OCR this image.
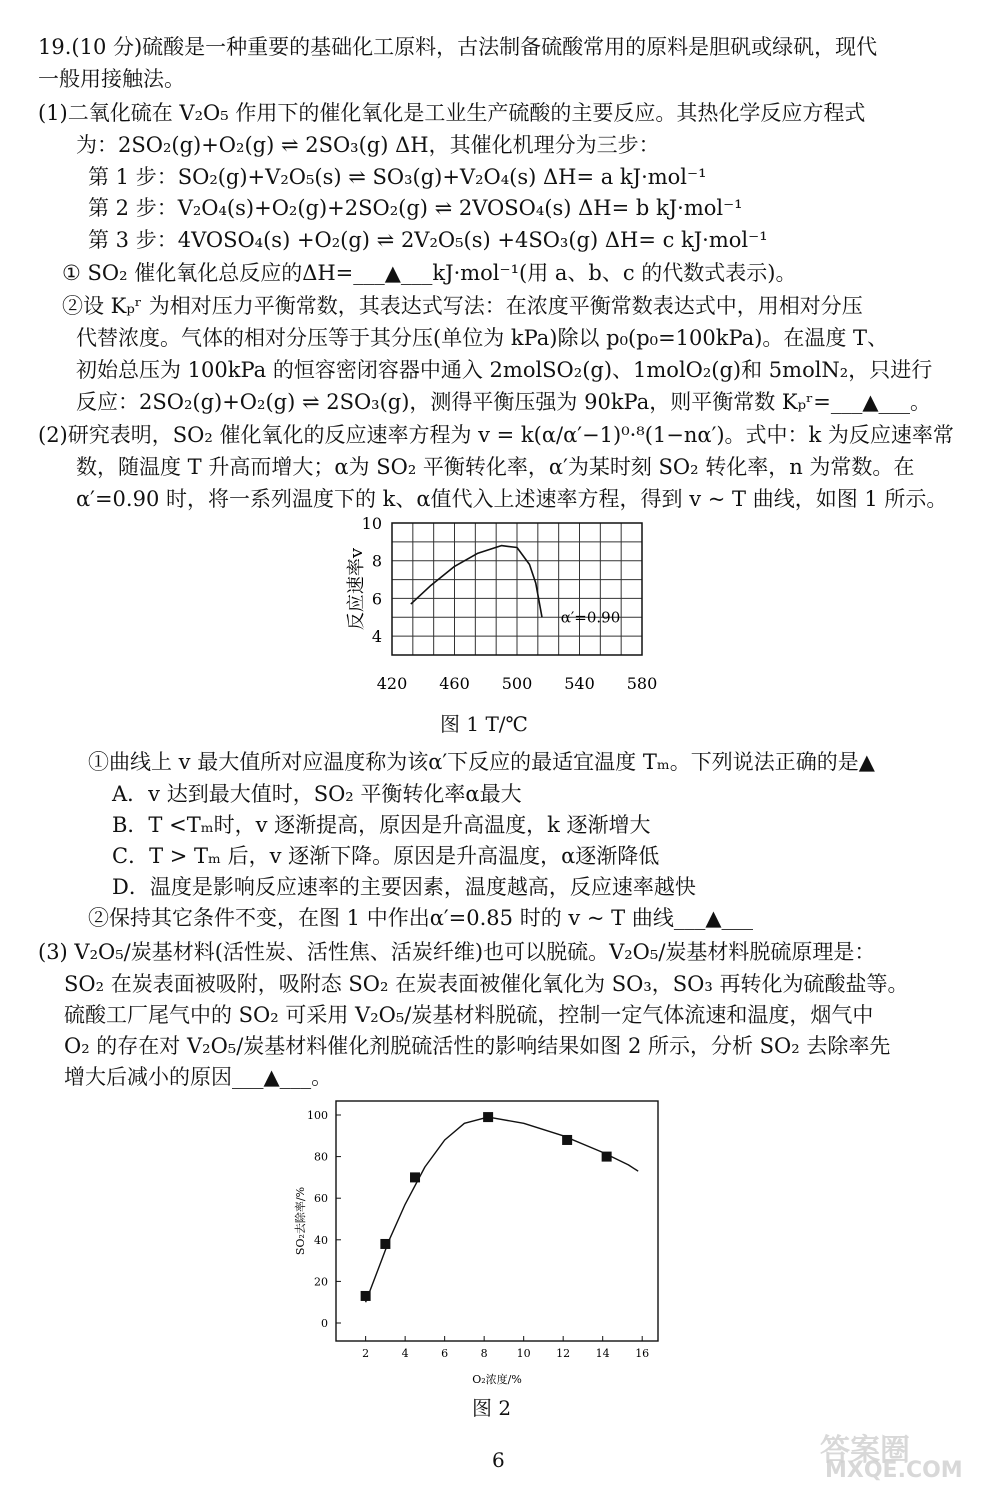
19.(10 分)硫酸是一种重要的基础化工原料，古法制备硫酸常用的原料是胆矾或绿矾，现代
一般用接触法。
(1)二氧化硫在 V₂O₅ 作用下的催化氧化是工业生产硫酸的主要反应。其热化学反应方程式
为：2SO₂(g)+O₂(g) ⇌ 2SO₃(g) ΔH，其催化机理分为三步：
第 1 步：SO₂(g)+V₂O₅(s) ⇌ SO₃(g)+V₂O₄(s) ΔH= a kJ·mol⁻¹
第 2 步：V₂O₄(s)+O₂(g)+2SO₂(g) ⇌ 2VOSO₄(s) ΔH= b kJ·mol⁻¹
第 3 步：4VOSO₄(s) +O₂(g) ⇌ 2V₂O₅(s) +4SO₃(g) ΔH= c kJ·mol⁻¹
① SO₂ 催化氧化总反应的ΔH=___▲___kJ·mol⁻¹(用 a、b、c 的代数式表示)。
②设 Kₚʳ 为相对压力平衡常数，其表达式写法：在浓度平衡常数表达式中，用相对分压
代替浓度。气体的相对分压等于其分压(单位为 kPa)除以 p₀(p₀=100kPa)。在温度 T、
初始总压为 100kPa 的恒容密闭容器中通入 2molSO₂(g)、1molO₂(g)和 5molN₂，只进行
反应：2SO₂(g)+O₂(g) ⇌ 2SO₃(g)，测得平衡压强为 90kPa，则平衡常数 Kₚʳ=___▲___。
(2)研究表明，SO₂ 催化氧化的反应速率方程为 v = k(α/α′−1)⁰·⁸(1−nα′)。式中：k 为反应速率常
数，随温度 T 升高而增大；α为 SO₂ 平衡转化率，α′为某时刻 SO₂ 转化率，n 为常数。在
α′=0.90 时，将一系列温度下的 k、α值代入上述速率方程，得到 v ~ T 曲线，如图 1 所示。
420 460 500 540 580
4
6
8
10
反应速率v	α′=0.90
图 1 T/℃
①曲线上 v 最大值所对应温度称为该α′下反应的最适宜温度 Tₘ。下列说法正确的是▲
A．v 达到最大值时，SO₂ 平衡转化率α最大
B．T <Tₘ时，v 逐渐提高，原因是升高温度，k 逐渐增大
C．T > Tₘ 后，v 逐渐下降。原因是升高温度，α逐渐降低
D．温度是影响反应速率的主要因素，温度越高，反应速率越快
②保持其它条件不变，在图 1 中作出α′=0.85 时的 v ~ T 曲线___▲___
(3) V₂O₅/炭基材料(活性炭、活性焦、活炭纤维)也可以脱硫。V₂O₅/炭基材料脱硫原理是：
SO₂ 在炭表面被吸附，吸附态 SO₂ 在炭表面被催化氧化为 SO₃，SO₃ 再转化为硫酸盐等。
硫酸工厂尾气中的 SO₂ 可采用 V₂O₅/炭基材料脱硫，控制一定气体流速和温度，烟气中
O₂ 的存在对 V₂O₅/炭基材料催化剂脱硫活性的影响结果如图 2 所示，分析 SO₂ 去除率先
增大后减小的原因___▲___。
2	4	6	8	10 12 14 16
0
20
40
60
80
100
O₂浓度/%
SO₂去除率/%
图 2
6	答案圈
MXQE.COM
